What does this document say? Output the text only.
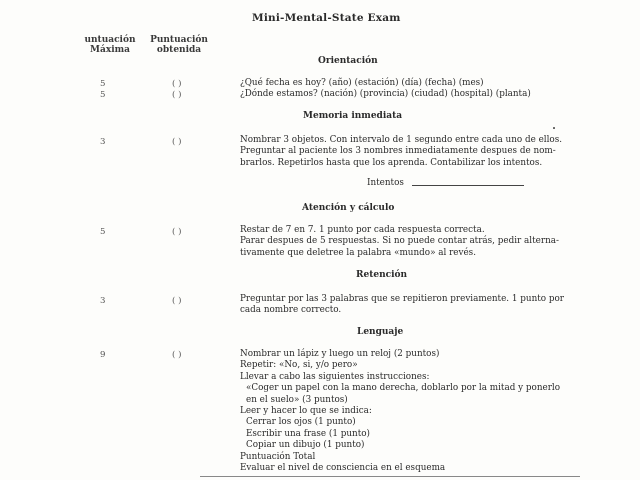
Mini-Mental-State Exam
untuación
Máxima
Puntuación
obtenida
Orientación
5	( )	¿Qué fecha es hoy? (año) (estación) (día) (fecha) (mes)
5	( )	¿Dónde estamos? (nación) (provincia) (ciudad) (hospital) (planta)
Memoria inmediata
3	( )	Nombrar 3 objetos. Con intervalo de 1 segundo entre cada uno de ellos.
Preguntar al paciente los 3 nombres inmediatamente despues de nom-
brarlos. Repetirlos hasta que los aprenda. Contabilizar los intentos.
Intentos
Atención y cálculo
5	( )	Restar de 7 en 7. 1 punto por cada respuesta correcta.
Parar despues de 5 respuestas. Si no puede contar atrás, pedir alterna-
tivamente que deletree la palabra «mundo» al revés.
Retención
3	( )	Preguntar por las 3 palabras que se repitieron previamente. 1 punto por
cada nombre correcto.
Lenguaje
9	( )	Nombrar un lápiz y luego un reloj (2 puntos)
Repetir: «No, si, y/o pero»
Llevar a cabo las siguientes instrucciones:
«Coger un papel con la mano derecha, doblarlo por la mitad y ponerlo
en el suelo» (3 puntos)
Leer y hacer lo que se indica:
Cerrar los ojos (1 punto)
Escribir una frase (1 punto)
Copiar un dibujo (1 punto)
Puntuación Total
Evaluar el nivel de consciencia en el esquema
